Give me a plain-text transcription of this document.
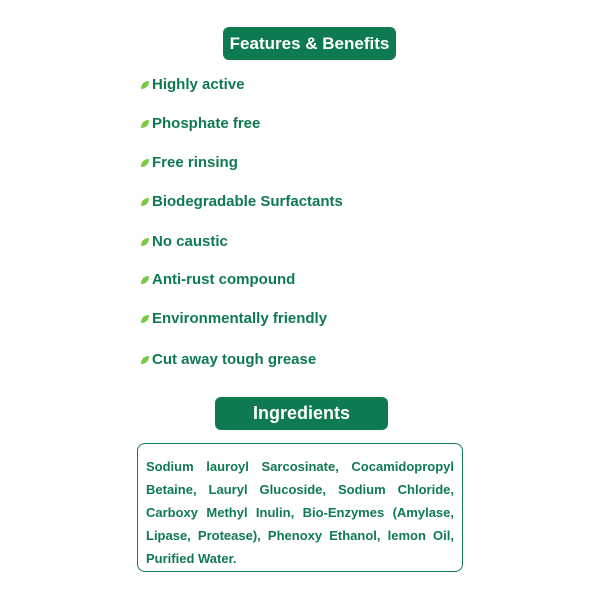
Features & Benefits
Highly active
Phosphate free
Free rinsing
Biodegradable Surfactants
No caustic
Anti-rust compound
Environmentally friendly
Cut away tough grease
Ingredients

Sodium lauroyl Sarcosinate, Cocamidopropyl Betaine, Lauryl Glucoside, Sodium Chloride, Carboxy Methyl Inulin, Bio-Enzymes (Amylase, Lipase, Protease), Phenoxy Ethanol, lemon Oil, Purified Water.
